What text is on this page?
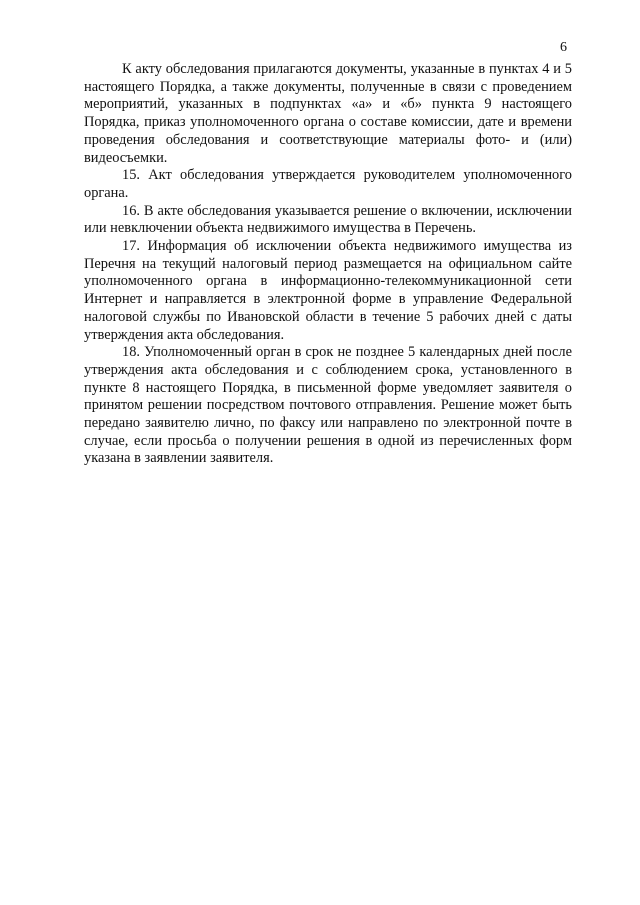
6

К акту обследования прилагаются документы, указанные в пунктах 4 и 5 настоящего Порядка, а также документы, полученные в связи с проведением мероприятий, указанных в подпунктах «а» и «б» пункта 9 настоящего Порядка, приказ уполномоченного органа о составе комиссии, дате и времени проведения обследования и соответствующие материалы фото- и (или) видеосъемки.

15. Акт обследования утверждается руководителем уполномоченного органа.

16. В акте обследования указывается решение о включении, исключении или невключении объекта недвижимого имущества в Перечень.

17. Информация об исключении объекта недвижимого имущества из Перечня на текущий налоговый период размещается на официальном сайте уполномоченного органа в информационно-телекоммуникационной сети Интернет и направляется в электронной форме в управление Федеральной налоговой службы по Ивановской области в течение 5 рабочих дней с даты утверждения акта обследования.

18. Уполномоченный орган в срок не позднее 5 календарных дней после утверждения акта обследования и с соблюдением срока, установленного в пункте 8 настоящего Порядка, в письменной форме уведомляет заявителя о принятом решении посредством почтового отправления. Решение может быть передано заявителю лично, по факсу или направлено по электронной почте в случае, если просьба о получении решения в одной из перечисленных форм указана в заявлении заявителя.
